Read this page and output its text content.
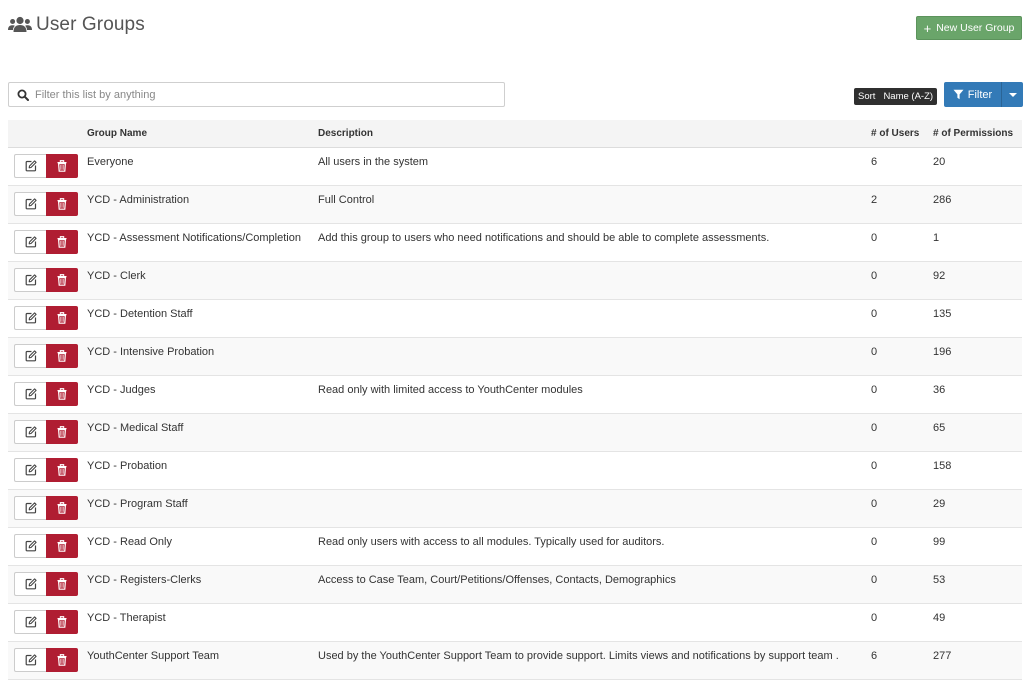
User Groups	+ New User Group
Filter this list by anything
Sort Name (A-Z)	Filter
	Group Name	Description	# of Users	# of Permissions

	Everyone	All users in the system	6	20

	YCD - Administration	Full Control	2	286

	YCD - Assessment Notifications/Completion	Add this group to users who need notifications and should be able to complete assessments.	0	1

	YCD - Clerk		0	92

	YCD - Detention Staff		0	135

	YCD - Intensive Probation		0	196

	YCD - Judges	Read only with limited access to YouthCenter modules	0	36

	YCD - Medical Staff		0	65

	YCD - Probation		0	158

	YCD - Program Staff		0	29

	YCD - Read Only	Read only users with access to all modules. Typically used for auditors.	0	99

	YCD - Registers-Clerks	Access to Case Team, Court/Petitions/Offenses, Contacts, Demographics	0	53

	YCD - Therapist		0	49

	YouthCenter Support Team	Used by the YouthCenter Support Team to provide support. Limits views and notifications by support team .	6	277
